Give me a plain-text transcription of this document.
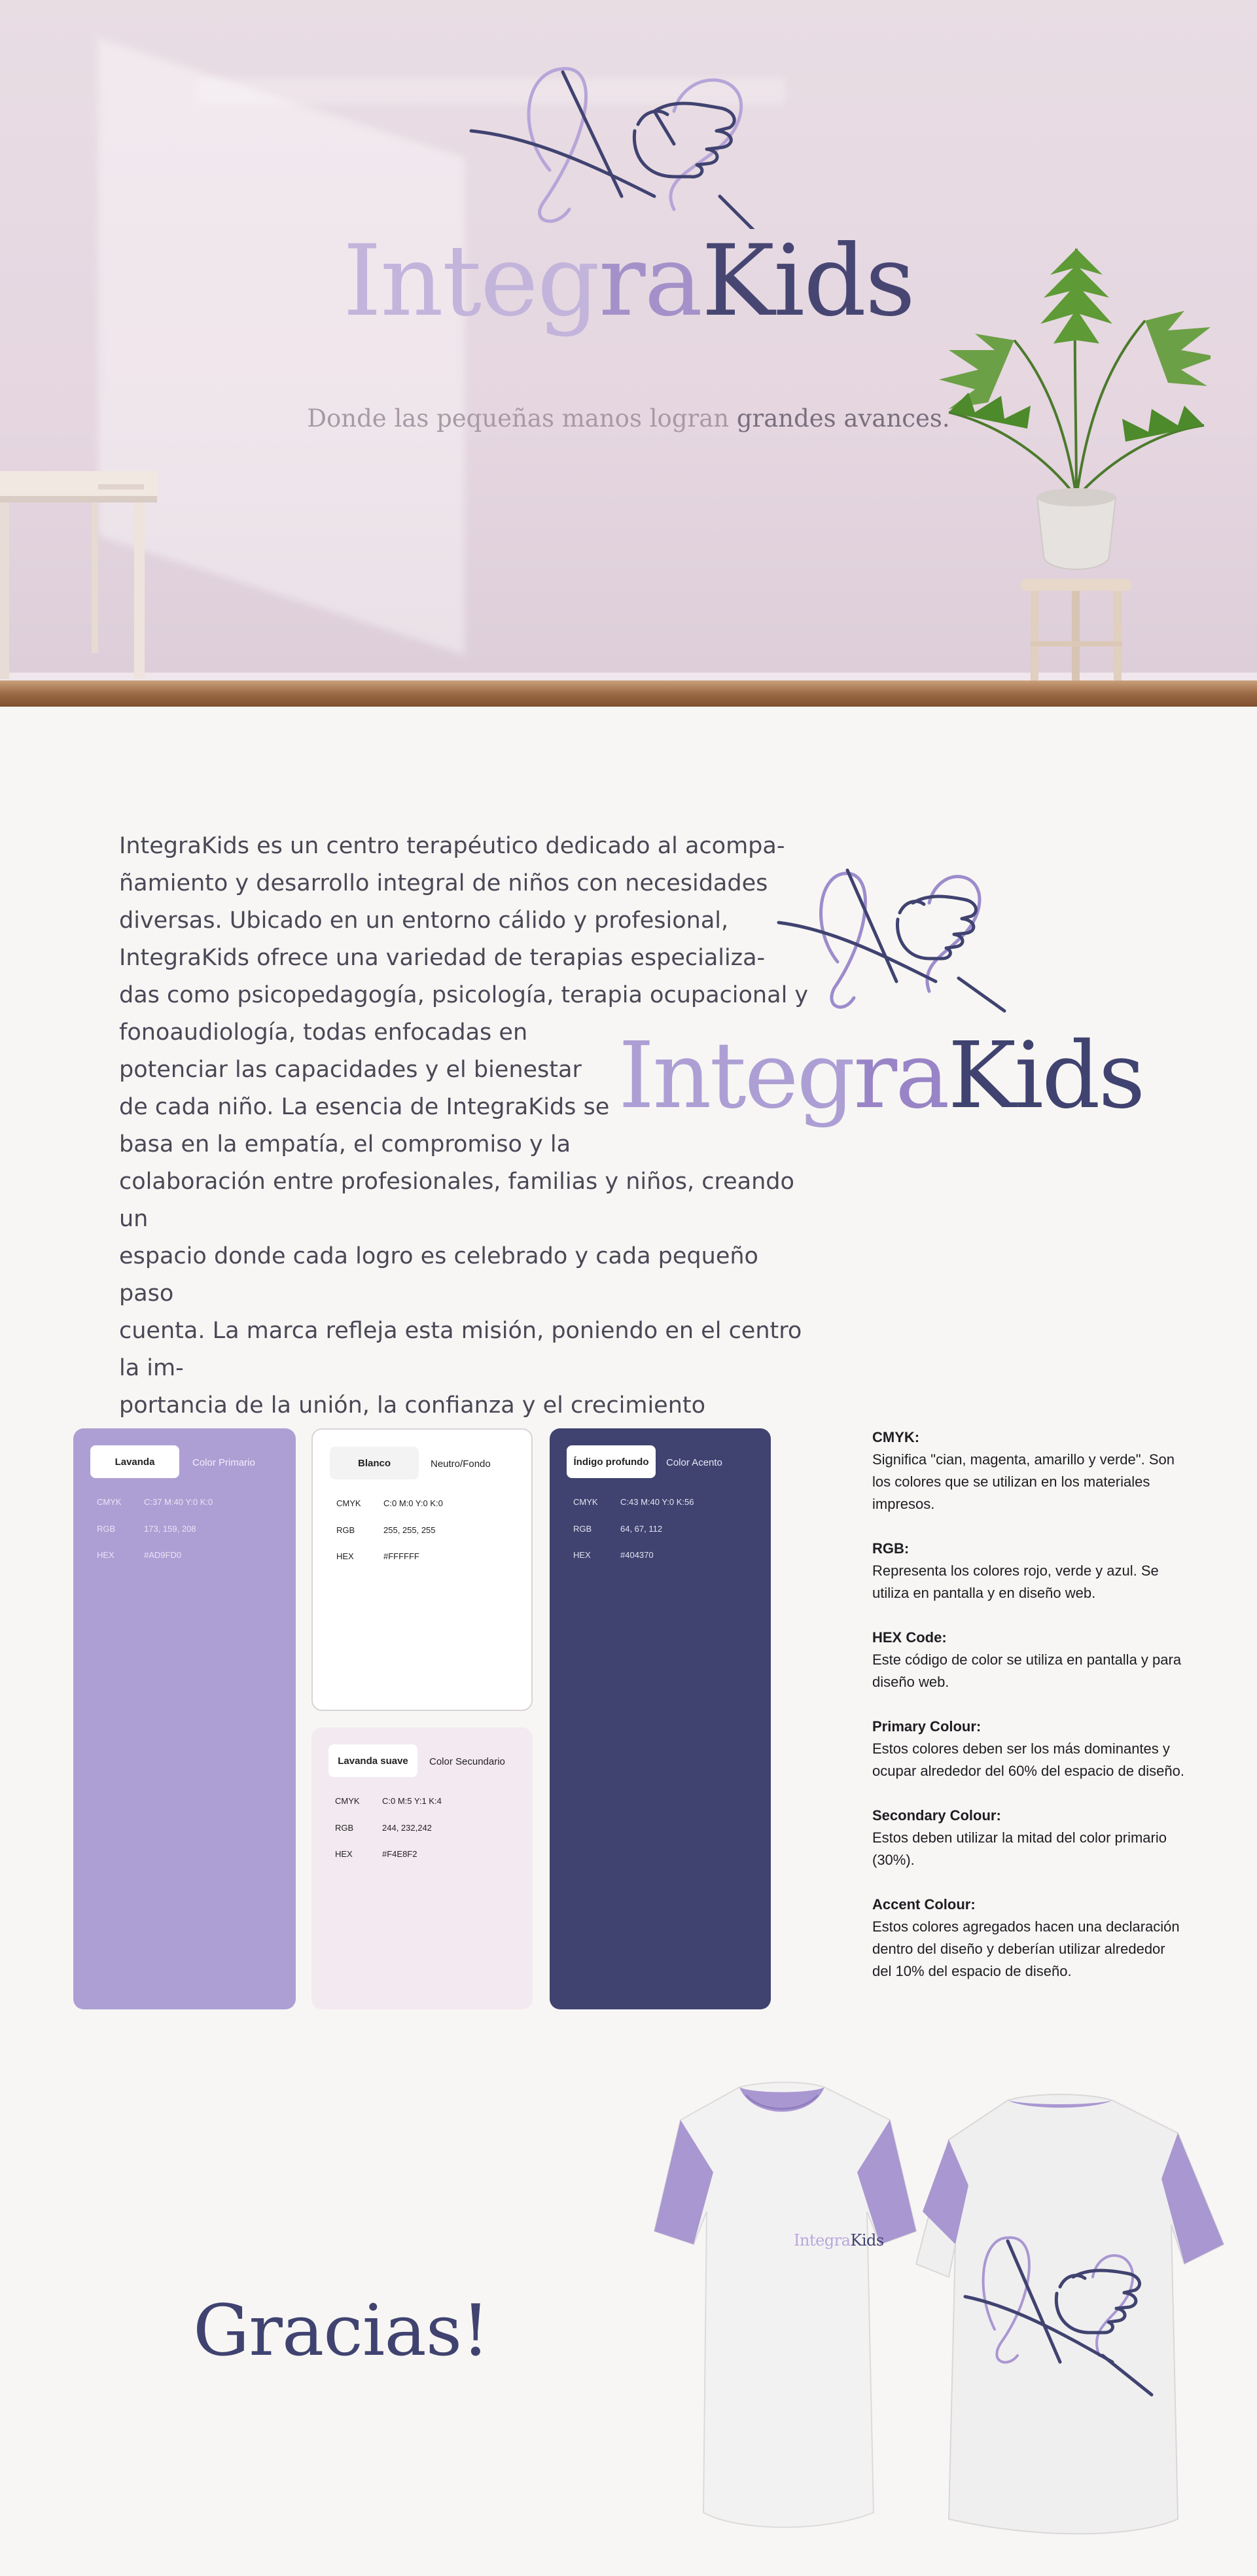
IntegraKids
Donde las pequeñas manos logran grandes avances.

IntegraKids es un centro terapéutico dedicado al acompa-
ñamiento y desarrollo integral de niños con necesidades
diversas. Ubicado en un entorno cálido y profesional,
IntegraKids ofrece una variedad de terapias especializa-
das como psicopedagogía, psicología, terapia ocupacional y
fonoaudiología, todas enfocadas en
potenciar las capacidades y el bienestar
de cada niño. La esencia de IntegraKids se
basa en la empatía, el compromiso y la
colaboración entre profesionales, familias y niños, creando un
espacio donde cada logro es celebrado y cada pequeño paso
cuenta. La marca refleja esta misión, poniendo en el centro la im-
portancia de la unión, la confianza y el crecimiento

IntegraKids
Lavanda	Color Primario
CMYK	C:37 M:40 Y:0 K:0
RGB	173, 159, 208
HEX	#AD9FD0
Blanco	Neutro/Fondo
CMYK	C:0 M:0 Y:0 K:0
RGB	255, 255, 255
HEX	#FFFFFF
Lavanda suave	Color Secundario
CMYK	C:0 M:5 Y:1 K:4
RGB	244, 232,242
HEX	#F4E8F2
Índigo profundo	Color Acento
CMYK	C:43 M:40 Y:0 K:56
RGB	64, 67, 112
HEX	#404370
CMYK:
Significa "cian, magenta, amarillo y verde". Son los colores que se utilizan en los materiales impresos.
RGB:
Representa los colores rojo, verde y azul. Se utiliza en pantalla y en diseño web.
HEX Code:
Este código de color se utiliza en pantalla y para diseño web.
Primary Colour:
Estos colores deben ser los más dominantes y ocupar alrededor del 60% del espacio de diseño.
Secondary Colour:
Estos deben utilizar la mitad del color primario (30%).
Accent Colour:
Estos colores agregados hacen una declaración dentro del diseño y deberían utilizar alrededor del 10% del espacio de diseño.
Gracias!
IntegraKids
